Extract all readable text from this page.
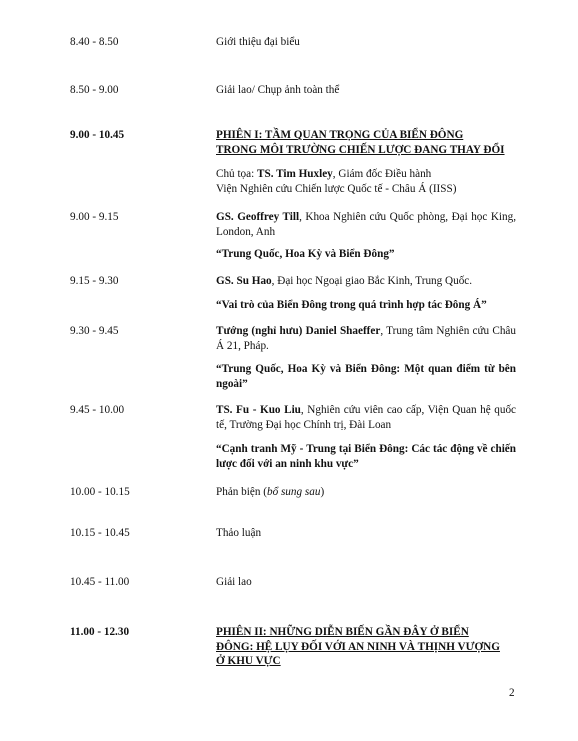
8.40 - 8.50	Giới thiệu đại biểu
8.50 - 9.00	Giải lao/ Chụp ảnh toàn thể
9.00 - 10.45	PHIÊN I: TẦM QUAN TRỌNG CỦA BIỂN ĐÔNG
TRONG MÔI TRƯỜNG CHIẾN LƯỢC ĐANG THAY ĐỔI
Chủ tọa: TS. Tim Huxley, Giám đốc Điều hành
Viện Nghiên cứu Chiến lược Quốc tế - Châu Á (IISS)
9.00 - 9.15	GS. Geoffrey Till, Khoa Nghiên cứu Quốc phòng, Đại học King, London, Anh
“Trung Quốc, Hoa Kỳ và Biển Đông”
9.15 - 9.30	GS. Su Hao, Đại học Ngoại giao Bắc Kinh, Trung Quốc.
“Vai trò của Biển Đông trong quá trình hợp tác Đông Á”
9.30 - 9.45	Tướng (nghỉ hưu) Daniel Shaeffer, Trung tâm Nghiên cứu Châu Á 21, Pháp.
“Trung Quốc, Hoa Kỳ và Biển Đông: Một quan điểm từ bên ngoài”
9.45 - 10.00	TS. Fu - Kuo Liu, Nghiên cứu viên cao cấp, Viện Quan hệ quốc tế, Trường Đại học Chính trị, Đài Loan
“Cạnh tranh Mỹ - Trung tại Biển Đông: Các tác động về chiến lược đối với an ninh khu vực”
10.00 - 10.15	Phản biện (bổ sung sau)
10.15 - 10.45	Thảo luận
10.45 - 11.00	Giải lao
11.00 - 12.30	PHIÊN II: NHỮNG DIỄN BIẾN GẦN ĐÂY Ở BIỂN
ĐÔNG: HỆ LỤY ĐỐI VỚI AN NINH VÀ THỊNH VƯỢNG
Ở KHU VỰC
2
